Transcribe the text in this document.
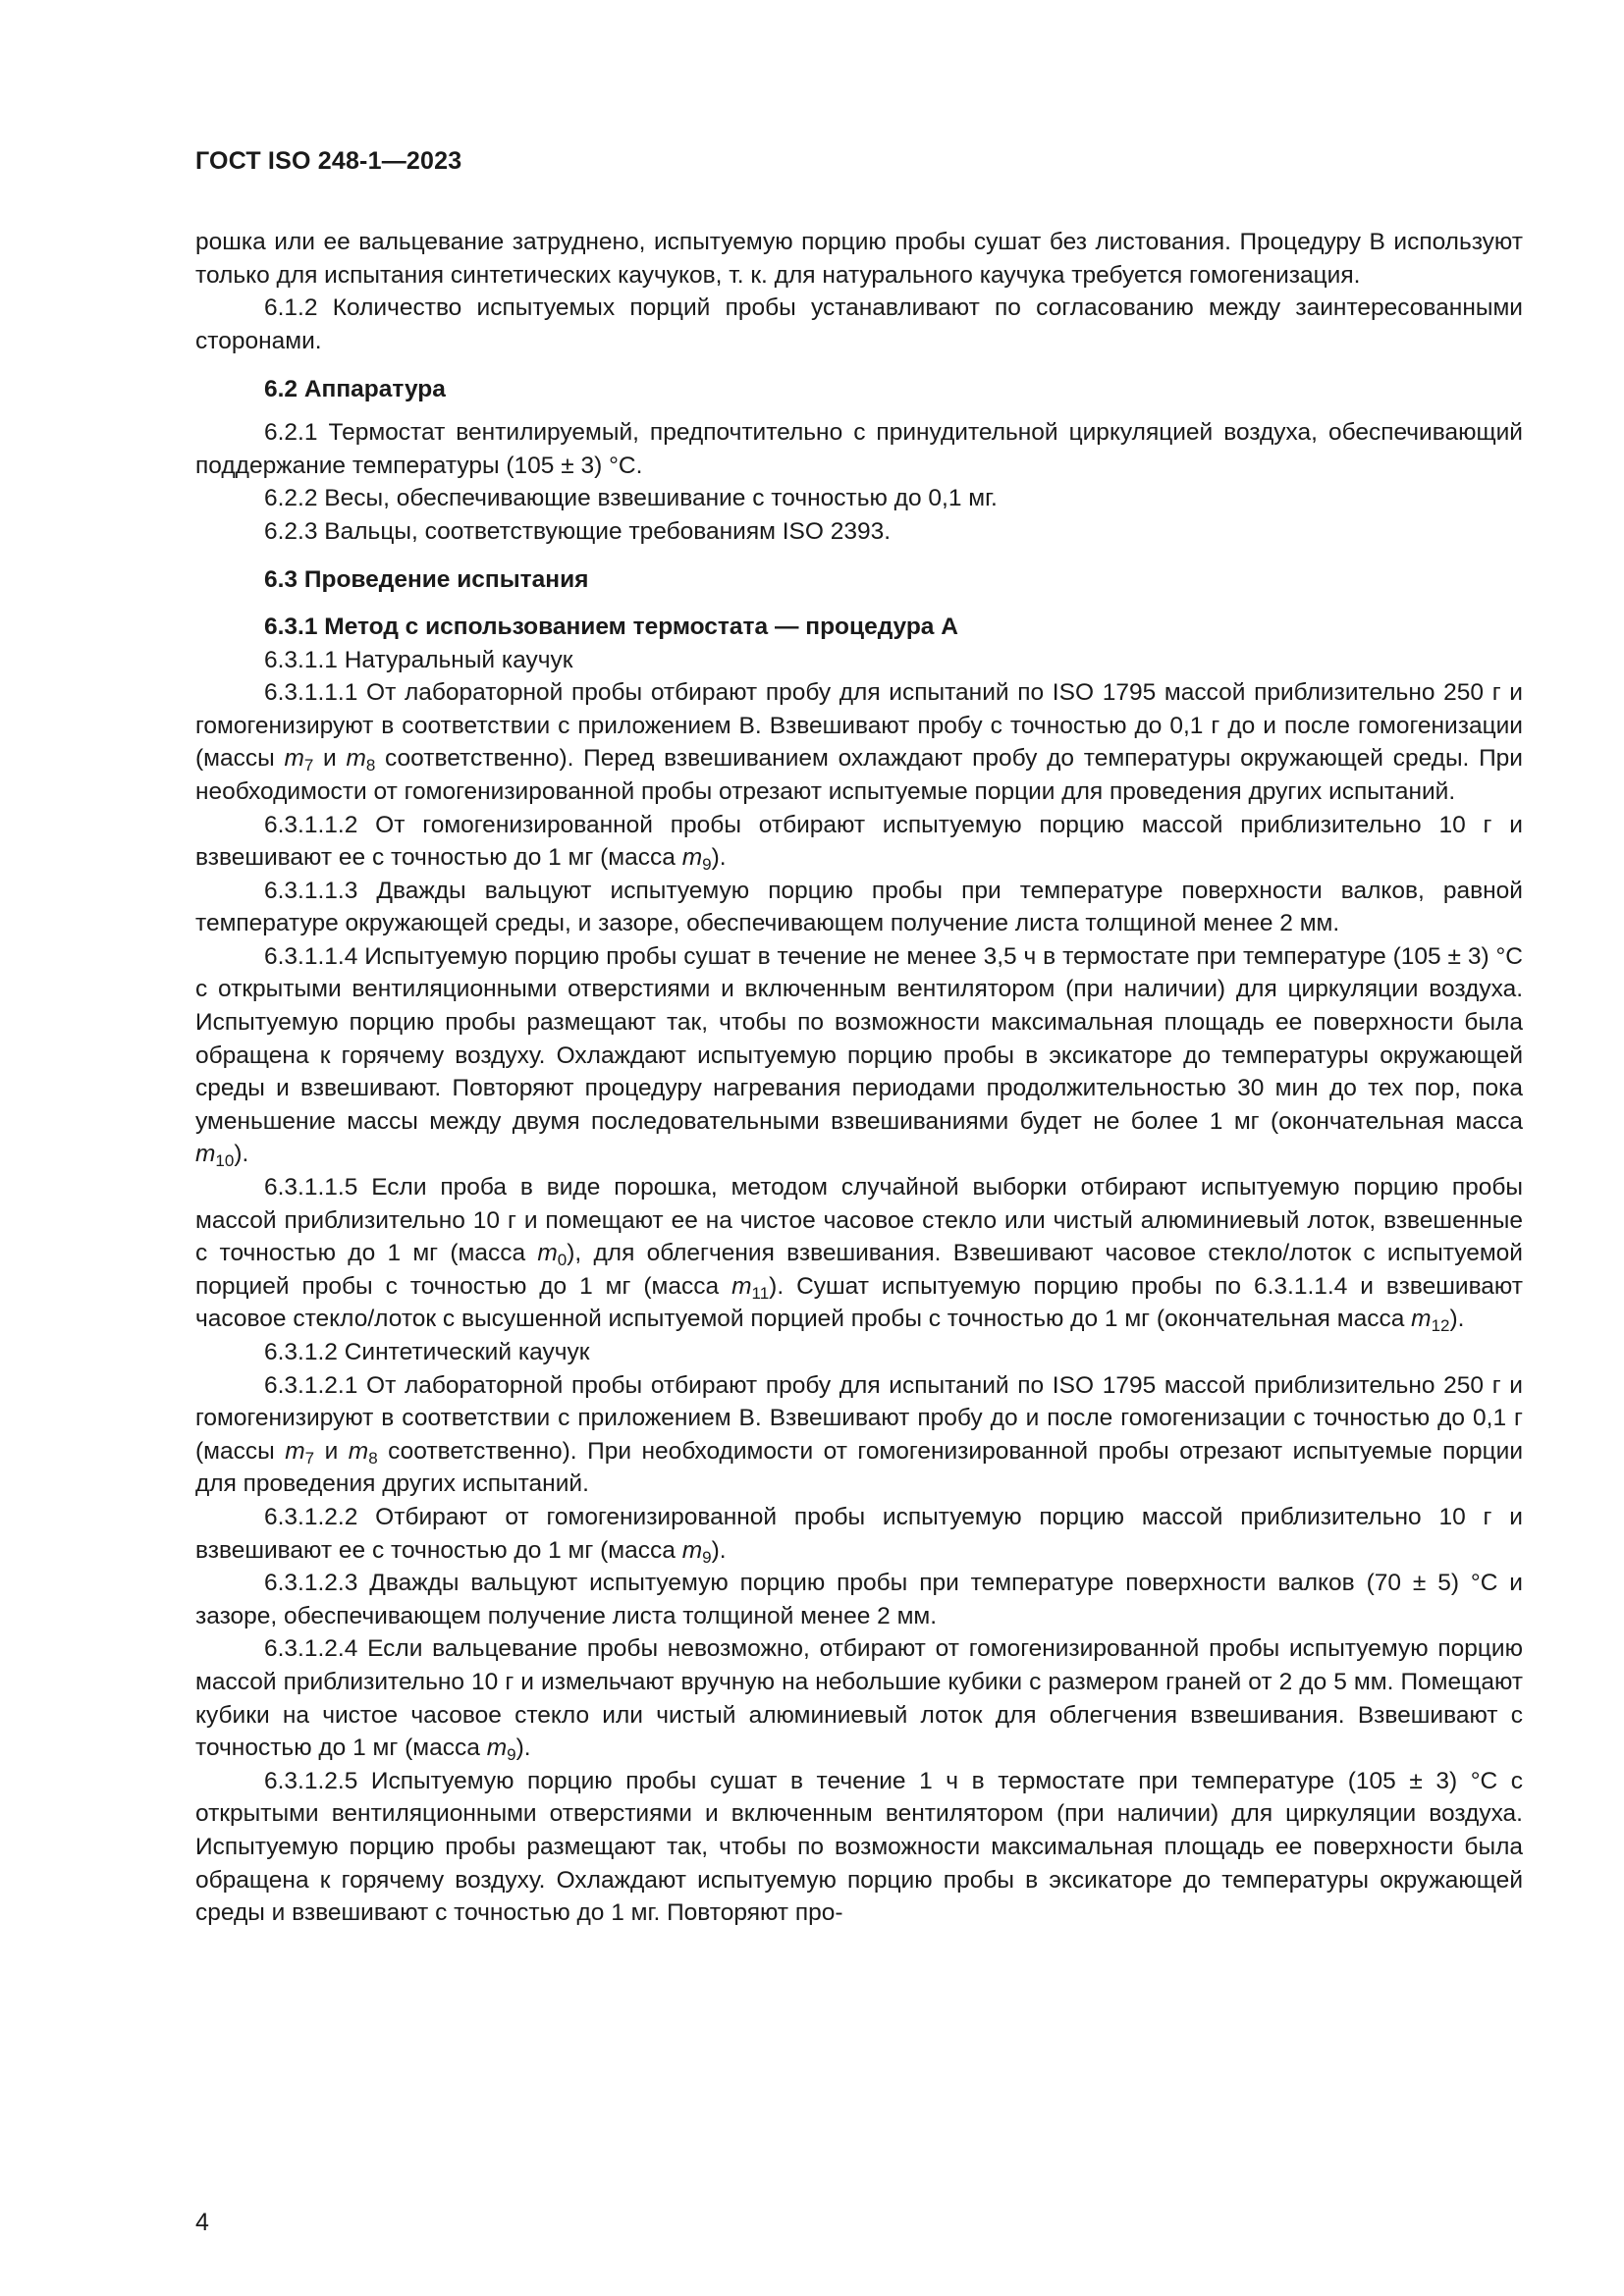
ГОСТ ISO 248-1—2023

рошка или ее вальцевание затруднено, испытуемую порцию пробы сушат без листования. Процедуру В используют только для испытания синтетических каучуков, т. к. для натурального каучука требуется гомогенизация.

6.1.2 Количество испытуемых порций пробы устанавливают по согласованию между заинтересованными сторонами.

6.2 Аппаратура

6.2.1 Термостат вентилируемый, предпочтительно с принудительной циркуляцией воздуха, обеспечивающий поддержание температуры (105 ± 3) °С.

6.2.2 Весы, обеспечивающие взвешивание с точностью до 0,1 мг.

6.2.3 Вальцы, соответствующие требованиям ISO 2393.

6.3 Проведение испытания

6.3.1 Метод с использованием термостата — процедура А

6.3.1.1 Натуральный каучук

6.3.1.1.1 От лабораторной пробы отбирают пробу для испытаний по ISO 1795 массой приблизительно 250 г и гомогенизируют в соответствии с приложением В. Взвешивают пробу с точностью до 0,1 г до и после гомогенизации (массы $m_7$ и $m_8$ соответственно). Перед взвешиванием охлаждают пробу до температуры окружающей среды. При необходимости от гомогенизированной пробы отрезают испытуемые порции для проведения других испытаний.

6.3.1.1.2 От гомогенизированной пробы отбирают испытуемую порцию массой приблизительно 10 г и взвешивают ее с точностью до 1 мг (масса $m_9$).

6.3.1.1.3 Дважды вальцуют испытуемую порцию пробы при температуре поверхности валков, равной температуре окружающей среды, и зазоре, обеспечивающем получение листа толщиной менее 2 мм.

6.3.1.1.4 Испытуемую порцию пробы сушат в течение не менее 3,5 ч в термостате при температуре (105 ± 3) °С с открытыми вентиляционными отверстиями и включенным вентилятором (при наличии) для циркуляции воздуха. Испытуемую порцию пробы размещают так, чтобы по возможности максимальная площадь ее поверхности была обращена к горячему воздуху. Охлаждают испытуемую порцию пробы в эксикаторе до температуры окружающей среды и взвешивают. Повторяют процедуру нагревания периодами продолжительностью 30 мин до тех пор, пока уменьшение массы между двумя последовательными взвешиваниями будет не более 1 мг (окончательная масса $m_{10}$).

6.3.1.1.5 Если проба в виде порошка, методом случайной выборки отбирают испытуемую порцию пробы массой приблизительно 10 г и помещают ее на чистое часовое стекло или чистый алюминиевый лоток, взвешенные с точностью до 1 мг (масса $m_0$), для облегчения взвешивания. Взвешивают часовое стекло/лоток с испытуемой порцией пробы с точностью до 1 мг (масса $m_{11}$). Сушат испытуемую порцию пробы по 6.3.1.1.4 и взвешивают часовое стекло/лоток с высушенной испытуемой порцией пробы с точностью до 1 мг (окончательная масса $m_{12}$).

6.3.1.2 Синтетический каучук

6.3.1.2.1 От лабораторной пробы отбирают пробу для испытаний по ISO 1795 массой приблизительно 250 г и гомогенизируют в соответствии с приложением В. Взвешивают пробу до и после гомогенизации с точностью до 0,1 г (массы $m_7$ и $m_8$ соответственно). При необходимости от гомогенизированной пробы отрезают испытуемые порции для проведения других испытаний.

6.3.1.2.2 Отбирают от гомогенизированной пробы испытуемую порцию массой приблизительно 10 г и взвешивают ее с точностью до 1 мг (масса $m_9$).

6.3.1.2.3 Дважды вальцуют испытуемую порцию пробы при температуре поверхности валков (70 ± 5) °С и зазоре, обеспечивающем получение листа толщиной менее 2 мм.

6.3.1.2.4 Если вальцевание пробы невозможно, отбирают от гомогенизированной пробы испытуемую порцию массой приблизительно 10 г и измельчают вручную на небольшие кубики с размером граней от 2 до 5 мм. Помещают кубики на чистое часовое стекло или чистый алюминиевый лоток для облегчения взвешивания. Взвешивают с точностью до 1 мг (масса $m_9$).

6.3.1.2.5 Испытуемую порцию пробы сушат в течение 1 ч в термостате при температуре (105 ± 3) °С с открытыми вентиляционными отверстиями и включенным вентилятором (при наличии) для циркуляции воздуха. Испытуемую порцию пробы размещают так, чтобы по возможности максимальная площадь ее поверхности была обращена к горячему воздуху. Охлаждают испытуемую порцию пробы в эксикаторе до температуры окружающей среды и взвешивают с точностью до 1 мг. Повторяют про-

4
